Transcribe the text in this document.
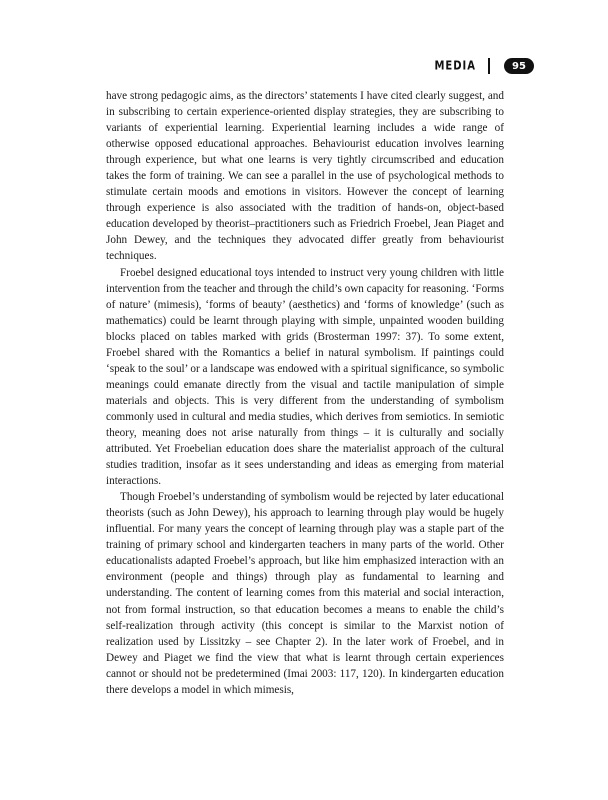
MEDIA	95

have strong pedagogic aims, as the directors’ statements I have cited clearly suggest, and in subscribing to certain experience-oriented display strategies, they are subscribing to variants of experiential learning. Experiential learning includes a wide range of otherwise opposed educational approaches. Behaviourist education involves learning through experience, but what one learns is very tightly circumscribed and education takes the form of training. We can see a parallel in the use of psychological methods to stimulate certain moods and emotions in visitors. However the concept of learning through experience is also associated with the tradition of hands-on, object-based education developed by theorist–practitioners such as Friedrich Froebel, Jean Piaget and John Dewey, and the techniques they advocated differ greatly from behaviourist techniques.

Froebel designed educational toys intended to instruct very young children with little intervention from the teacher and through the child’s own capacity for reasoning. ‘Forms of nature’ (mimesis), ‘forms of beauty’ (aesthetics) and ‘forms of knowledge’ (such as mathematics) could be learnt through playing with simple, unpainted wooden building blocks placed on tables marked with grids (Brosterman 1997: 37). To some extent, Froebel shared with the Romantics a belief in natural symbolism. If paintings could ‘speak to the soul’ or a landscape was endowed with a spiritual significance, so symbolic meanings could emanate directly from the visual and tactile manipulation of simple materials and objects. This is very different from the understanding of symbolism commonly used in cultural and media studies, which derives from semiotics. In semiotic theory, meaning does not arise naturally from things – it is culturally and socially attributed. Yet Froebelian education does share the materialist approach of the cultural studies tradition, insofar as it sees understanding and ideas as emerging from material interactions.

Though Froebel’s understanding of symbolism would be rejected by later educational theorists (such as John Dewey), his approach to learning through play would be hugely influential. For many years the concept of learning through play was a staple part of the training of primary school and kindergarten teachers in many parts of the world. Other educationalists adapted Froebel’s approach, but like him emphasized interaction with an environment (people and things) through play as fundamental to learning and understanding. The content of learning comes from this material and social interaction, not from formal instruction, so that education becomes a means to enable the child’s self-realization through activity (this concept is similar to the Marxist notion of realization used by Lissitzky – see Chapter 2). In the later work of Froebel, and in Dewey and Piaget we find the view that what is learnt through certain experiences cannot or should not be predetermined (Imai 2003: 117, 120). In kindergarten education there develops a model in which mimesis,
